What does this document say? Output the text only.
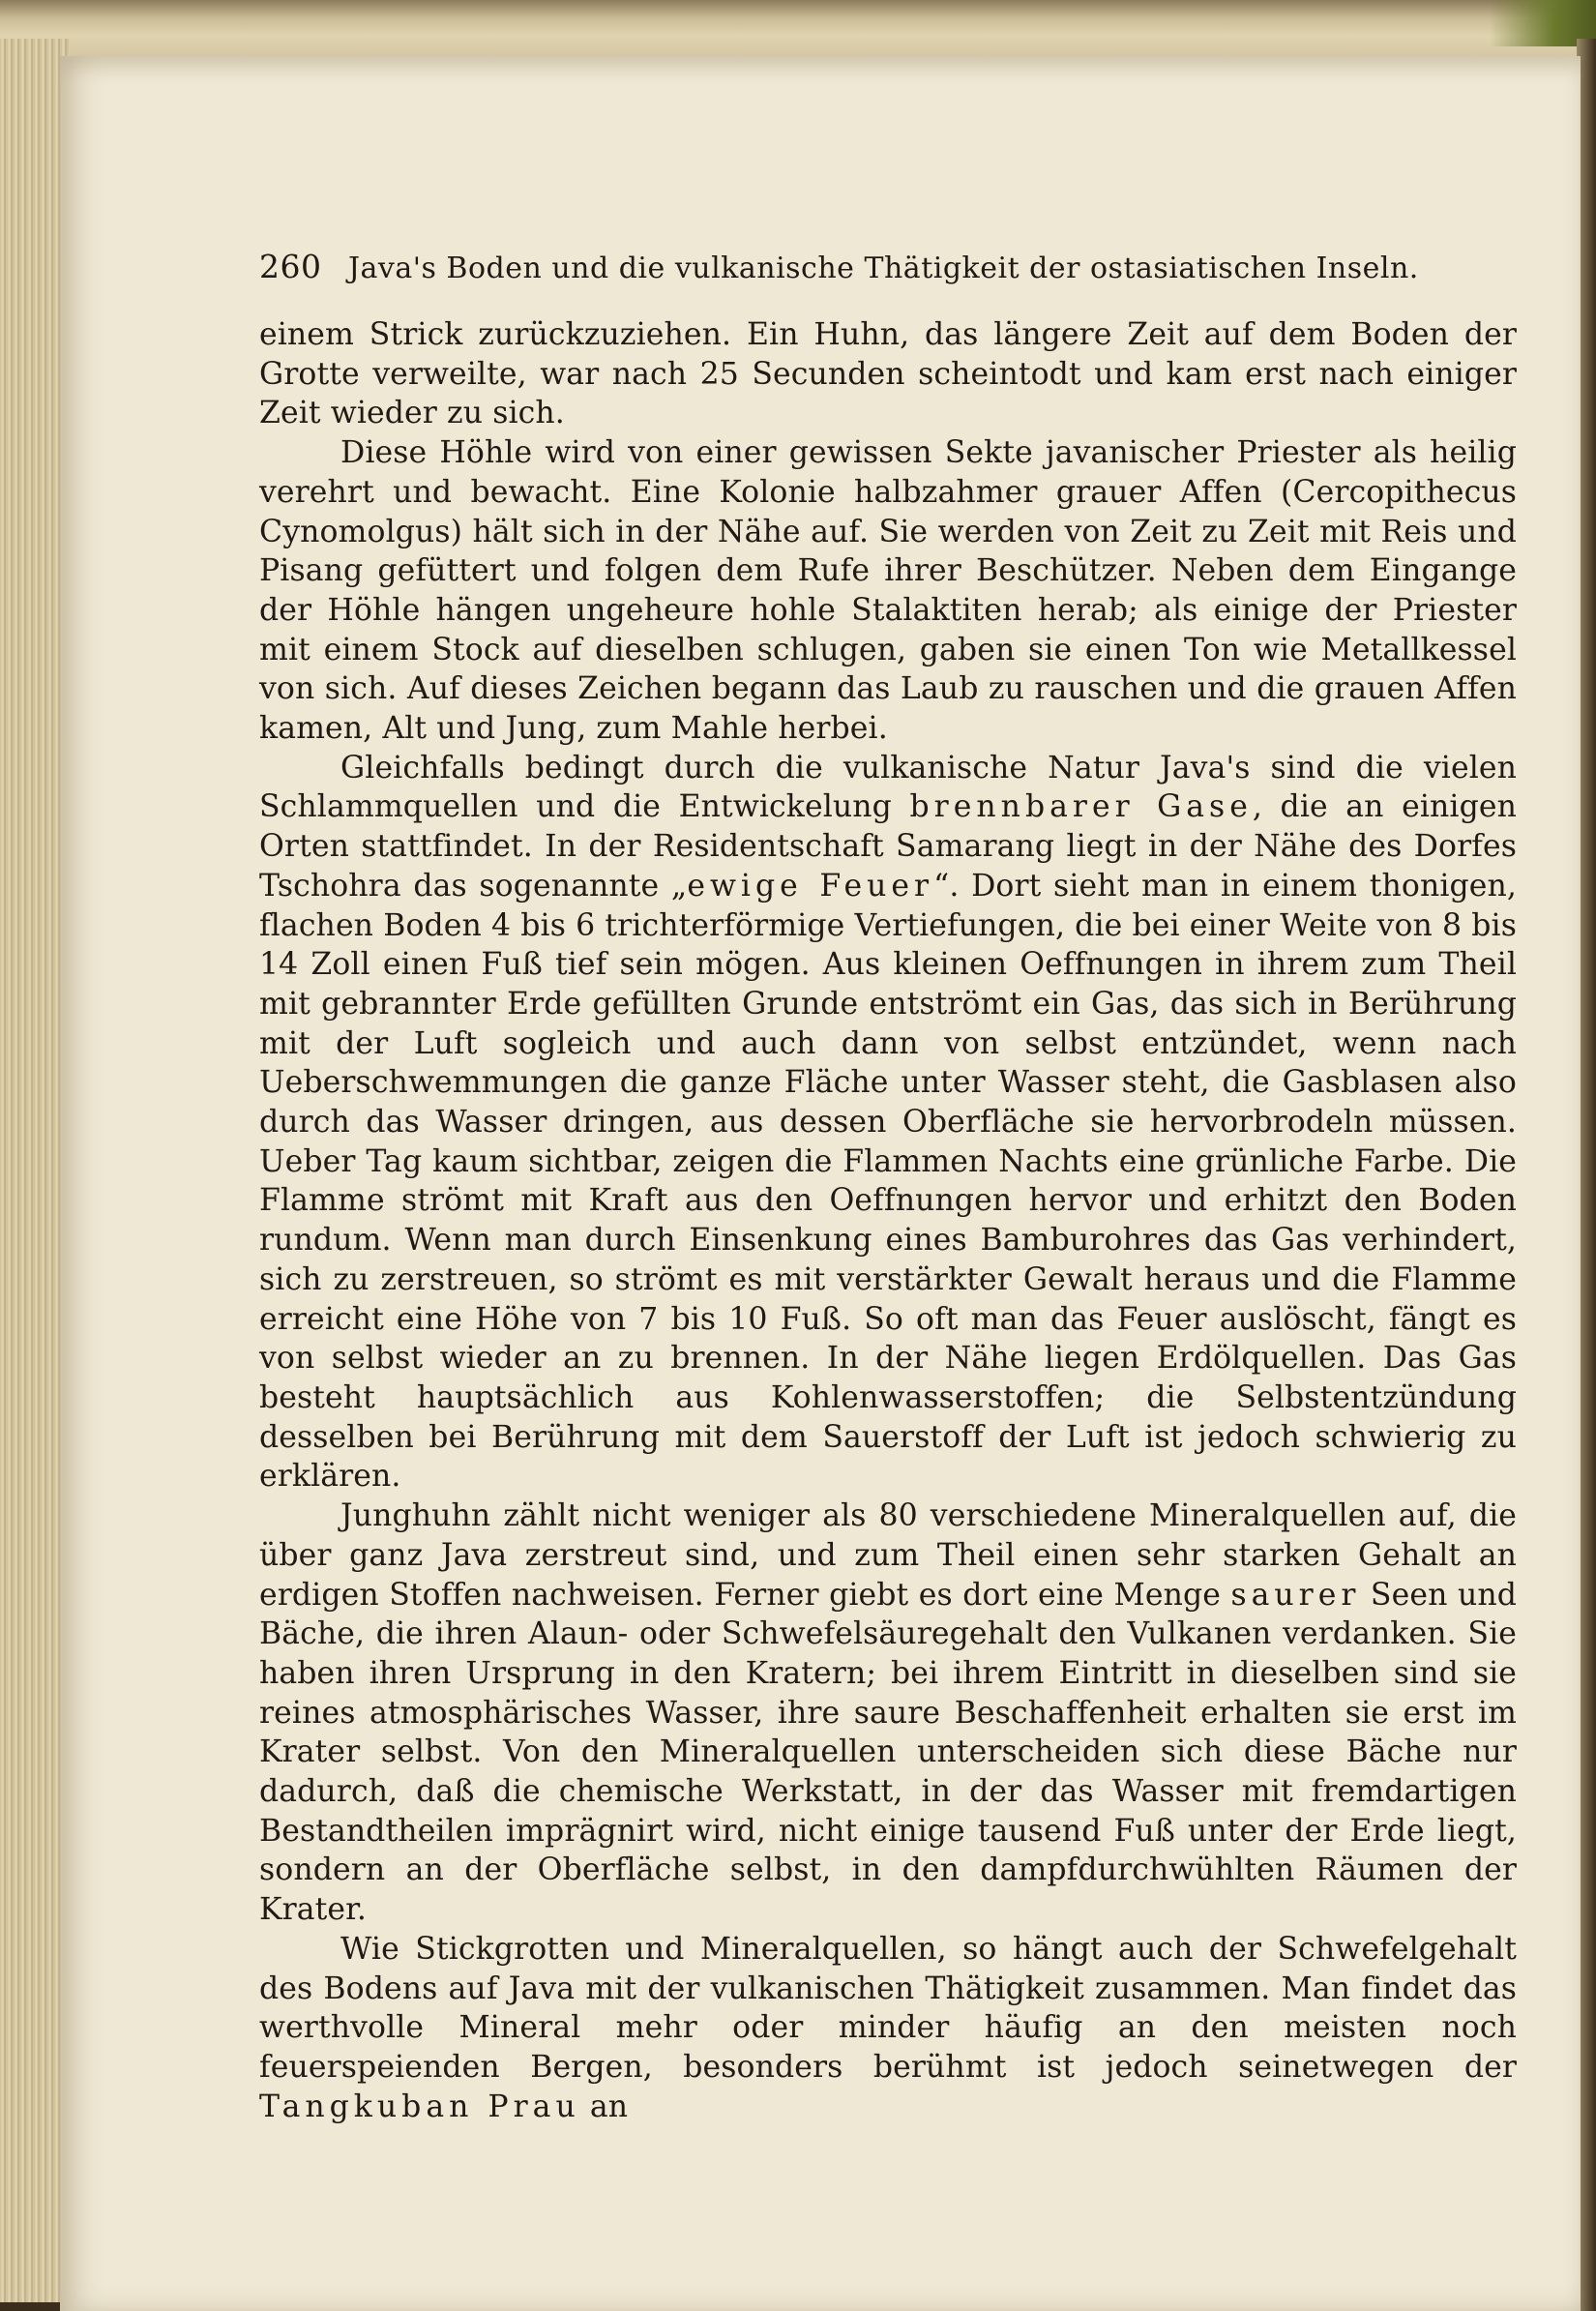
260 Java's Boden und die vulkanische Thätigkeit der ostasiatischen Inseln.

einem Strick zurückzuziehen. Ein Huhn, das längere Zeit auf dem Boden der Grotte verweilte, war nach 25 Secunden scheintodt und kam erst nach einiger Zeit wieder zu sich.

Diese Höhle wird von einer gewissen Sekte javanischer Priester als heilig verehrt und bewacht. Eine Kolonie halbzahmer grauer Affen (Cercopithecus Cynomolgus) hält sich in der Nähe auf. Sie werden von Zeit zu Zeit mit Reis und Pisang gefüttert und folgen dem Rufe ihrer Beschützer. Neben dem Eingange der Höhle hängen ungeheure hohle Stalaktiten herab; als einige der Priester mit einem Stock auf dieselben schlugen, gaben sie einen Ton wie Metallkessel von sich. Auf dieses Zeichen begann das Laub zu rauschen und die grauen Affen kamen, Alt und Jung, zum Mahle herbei.

Gleichfalls bedingt durch die vulkanische Natur Java's sind die vielen Schlammquellen und die Entwickelung brennbarer Gase, die an einigen Orten stattfindet. In der Residentschaft Samarang liegt in der Nähe des Dorfes Tschohra das sogenannte „ewige Feuer“. Dort sieht man in einem thonigen, flachen Boden 4 bis 6 trichterförmige Vertiefungen, die bei einer Weite von 8 bis 14 Zoll einen Fuß tief sein mögen. Aus kleinen Oeffnungen in ihrem zum Theil mit gebrannter Erde gefüllten Grunde entströmt ein Gas, das sich in Berührung mit der Luft sogleich und auch dann von selbst entzündet, wenn nach Ueberschwemmungen die ganze Fläche unter Wasser steht, die Gasblasen also durch das Wasser dringen, aus dessen Oberfläche sie hervorbrodeln müssen. Ueber Tag kaum sichtbar, zeigen die Flammen Nachts eine grünliche Farbe. Die Flamme strömt mit Kraft aus den Oeffnungen hervor und erhitzt den Boden rundum. Wenn man durch Einsenkung eines Bamburohres das Gas verhindert, sich zu zerstreuen, so strömt es mit verstärkter Gewalt heraus und die Flamme erreicht eine Höhe von 7 bis 10 Fuß. So oft man das Feuer auslöscht, fängt es von selbst wieder an zu brennen. In der Nähe liegen Erdölquellen. Das Gas besteht hauptsächlich aus Kohlenwasserstoffen; die Selbstentzündung desselben bei Berührung mit dem Sauerstoff der Luft ist jedoch schwierig zu erklären.

Junghuhn zählt nicht weniger als 80 verschiedene Mineralquellen auf, die über ganz Java zerstreut sind, und zum Theil einen sehr starken Gehalt an erdigen Stoffen nachweisen. Ferner giebt es dort eine Menge saurer Seen und Bäche, die ihren Alaun- oder Schwefelsäuregehalt den Vulkanen verdanken. Sie haben ihren Ursprung in den Kratern; bei ihrem Eintritt in dieselben sind sie reines atmosphärisches Wasser, ihre saure Beschaffenheit erhalten sie erst im Krater selbst. Von den Mineralquellen unterscheiden sich diese Bäche nur dadurch, daß die chemische Werkstatt, in der das Wasser mit fremdartigen Bestandtheilen imprägnirt wird, nicht einige tausend Fuß unter der Erde liegt, sondern an der Oberfläche selbst, in den dampfdurchwühlten Räumen der Krater.

Wie Stickgrotten und Mineralquellen, so hängt auch der Schwefelgehalt des Bodens auf Java mit der vulkanischen Thätigkeit zusammen. Man findet das werthvolle Mineral mehr oder minder häufig an den meisten noch feuerspeienden Bergen, besonders berühmt ist jedoch seinetwegen der Tangkuban Prau an
